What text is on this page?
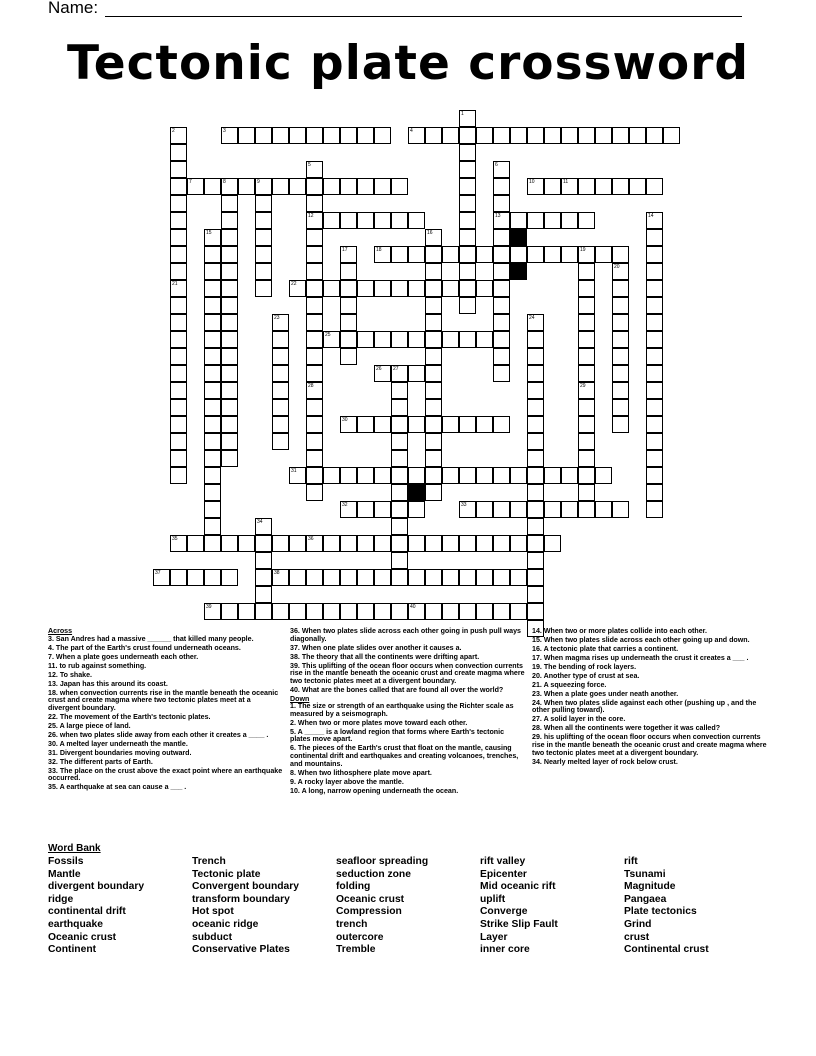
Name:
Tectonic plate crossword
1
2
21
3	4
5
12
28
6
13
7	8	9	10	11
14
15	16
17	18	19
20
22
23	24
25
26 27
29
30
31
32	33
34
35	36
37	38
39	40
Across
3. San Andres had a massive ______ that killed many people.
4. The part of the Earth's crust found underneath oceans.
7. When a plate goes underneath each other.
11. to rub against something.
12. To shake.
13. Japan has this around its coast.
18. when convection currents rise in the mantle beneath the oceanic crust and create magma where two tectonic plates meet at a divergent boundary.
22. The movement of the Earth's tectonic plates.
25. A large piece of land.
26. when two plates slide away from each other it creates a ____ .
30. A melted layer underneath the mantle.
31. Divergent boundaries moving outward.
32. The different parts of Earth.
33. The place on the crust above the exact point where an earthquake occurred.
35. A earthquake at sea can cause a ___ .
36. When two plates slide across each other going in push pull ways diagonally.
37. When one plate slides over another it causes a.
38. The theory that all the continents were drifting apart.
39. This uplifting of the ocean floor occurs when convection currents rise in the mantle beneath the oceanic crust and create magma where two tectonic plates meet at a divergent boundary.
40. What are the bones called that are found all over the world?
Down
1. The size or strength of an earthquake using the Richter scale as measured by a seismograph.
2. When two or more plates move toward each other.
5. A _____ is a lowland region that forms where Earth's tectonic plates move apart.
6. The pieces of the Earth's crust that float on the mantle, causing continental drift and earthquakes and creating volcanoes, trenches, and mountains.
8. When two lithosphere plate move apart.
9. A rocky layer above the mantle.
10. A long, narrow opening underneath the ocean.
14. When two or more plates collide into each other.
15. When two plates slide across each other going up and down.
16. A tectonic plate that carries a continent.
17. When magma rises up underneath the crust it creates a ___ .
19. The bending of rock layers.
20. Another type of crust at sea.
21. A squeezing force.
23. When a plate goes under neath another.
24. When two plates slide against each other (pushing up , and the other pulling toward).
27. A solid layer in the core.
28. When all the continents were together it was called?
29. his uplifting of the ocean floor occurs when convection currents rise in the mantle beneath the oceanic crust and create magma where two tectonic plates meet at a divergent boundary.
34. Nearly melted layer of rock below crust.
Word Bank
Fossils
Mantle
divergent boundary
ridge
continental drift
earthquake
Oceanic crust
Continent
Trench
Tectonic plate
Convergent boundary
transform boundary
Hot spot
oceanic ridge
subduct
Conservative Plates
seafloor spreading
seduction zone
folding
Oceanic crust
Compression
trench
outercore
Tremble
rift valley
Epicenter
Mid oceanic rift
uplift
Converge
Strike Slip Fault
Layer
inner core
rift
Tsunami
Magnitude
Pangaea
Plate tectonics
Grind
crust
Continental crust
